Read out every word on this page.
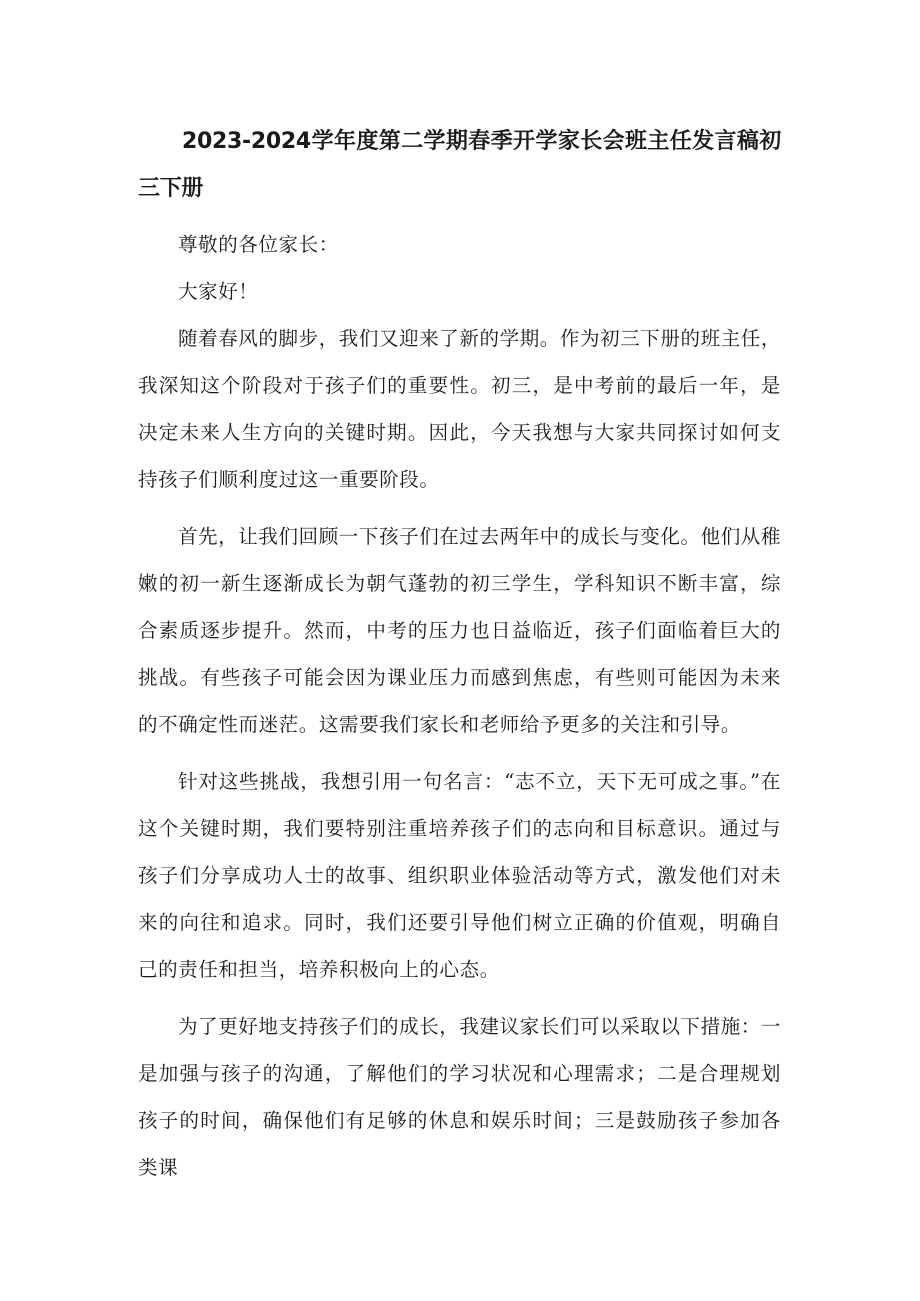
2023-2024学年度第二学期春季开学家长会班主任发言稿初三下册

尊敬的各位家长：

大家好！

随着春风的脚步，我们又迎来了新的学期。作为初三下册的班主任，我深知这个阶段对于孩子们的重要性。初三，是中考前的最后一年，是决定未来人生方向的关键时期。因此，今天我想与大家共同探讨如何支持孩子们顺利度过这一重要阶段。

首先，让我们回顾一下孩子们在过去两年中的成长与变化。他们从稚嫩的初一新生逐渐成长为朝气蓬勃的初三学生，学科知识不断丰富，综合素质逐步提升。然而，中考的压力也日益临近，孩子们面临着巨大的挑战。有些孩子可能会因为课业压力而感到焦虑，有些则可能因为未来的不确定性而迷茫。这需要我们家长和老师给予更多的关注和引导。

针对这些挑战，我想引用一句名言：“志不立，天下无可成之事。”在这个关键时期，我们要特别注重培养孩子们的志向和目标意识。通过与孩子们分享成功人士的故事、组织职业体验活动等方式，激发他们对未来的向往和追求。同时，我们还要引导他们树立正确的价值观，明确自己的责任和担当，培养积极向上的心态。

为了更好地支持孩子们的成长，我建议家长们可以采取以下措施：一是加强与孩子的沟通，了解他们的学习状况和心理需求；二是合理规划孩子的时间，确保他们有足够的休息和娱乐时间；三是鼓励孩子参加各类课
